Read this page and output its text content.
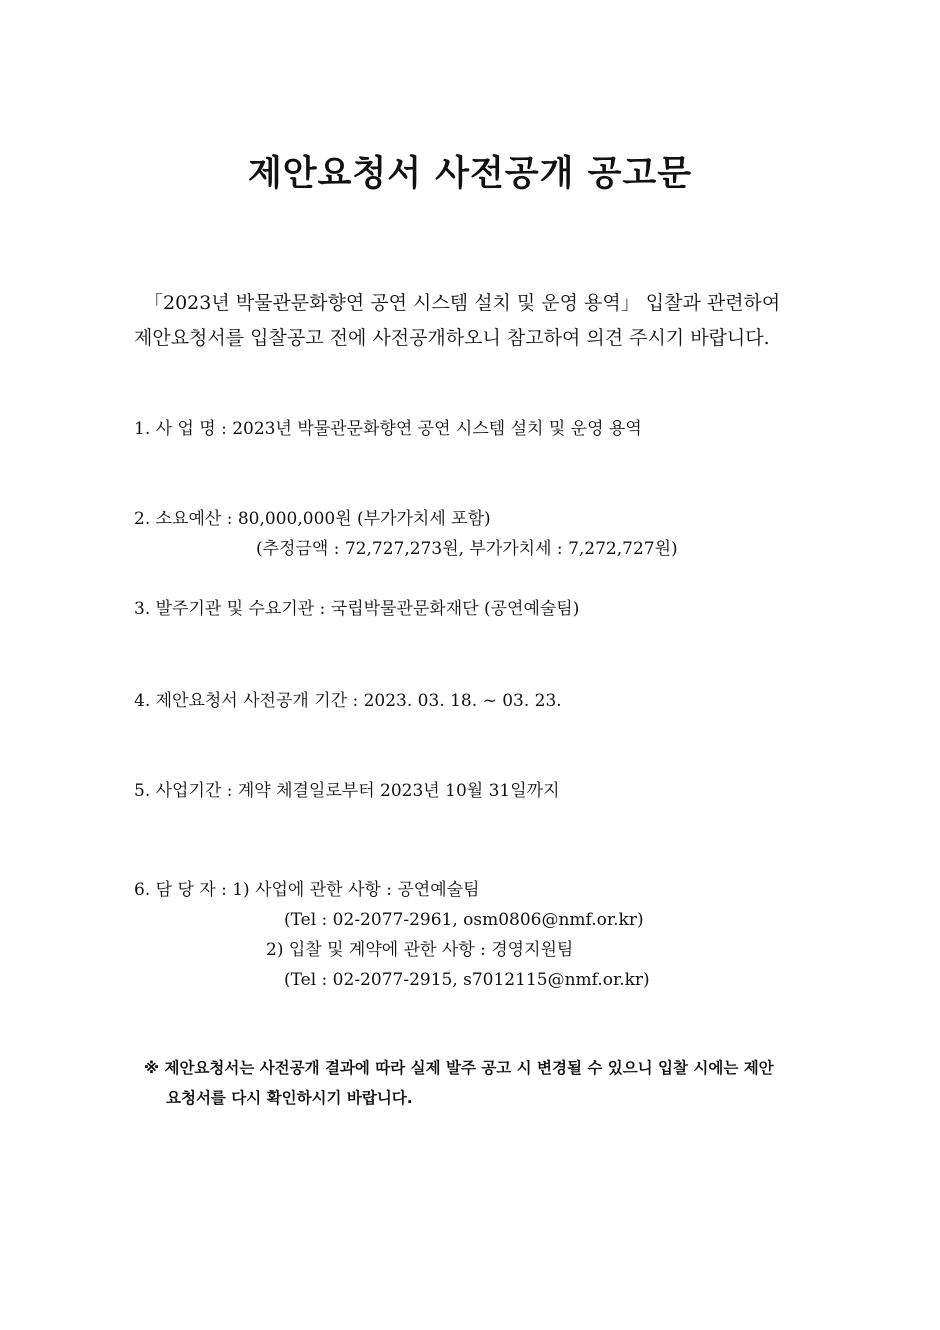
제안요청서 사전공개 공고문
「2023년 박물관문화향연 공연 시스템 설치 및 운영 용역」 입찰과 관련하여
제안요청서를 입찰공고 전에 사전공개하오니 참고하여 의견 주시기 바랍니다.
1. 사 업 명 : 2023년 박물관문화향연 공연 시스템 설치 및 운영 용역
2. 소요예산 : 80,000,000원 (부가가치세 포함)
(추정금액 : 72,727,273원, 부가가치세 : 7,272,727원)
3. 발주기관 및 수요기관 : 국립박물관문화재단 (공연예술팀)
4. 제안요청서 사전공개 기간 : 2023. 03. 18. ~ 03. 23.
5. 사업기간 : 계약 체결일로부터 2023년 10월 31일까지
6. 담 당 자 : 1) 사업에 관한 사항 : 공연예술팀
(Tel : 02-2077-2961, osm0806@nmf.or.kr)
2) 입찰 및 계약에 관한 사항 : 경영지원팀
(Tel : 02-2077-2915, s7012115@nmf.or.kr)
※ 제안요청서는 사전공개 결과에 따라 실제 발주 공고 시 변경될 수 있으니 입찰 시에는 제안
요청서를 다시 확인하시기 바랍니다.
